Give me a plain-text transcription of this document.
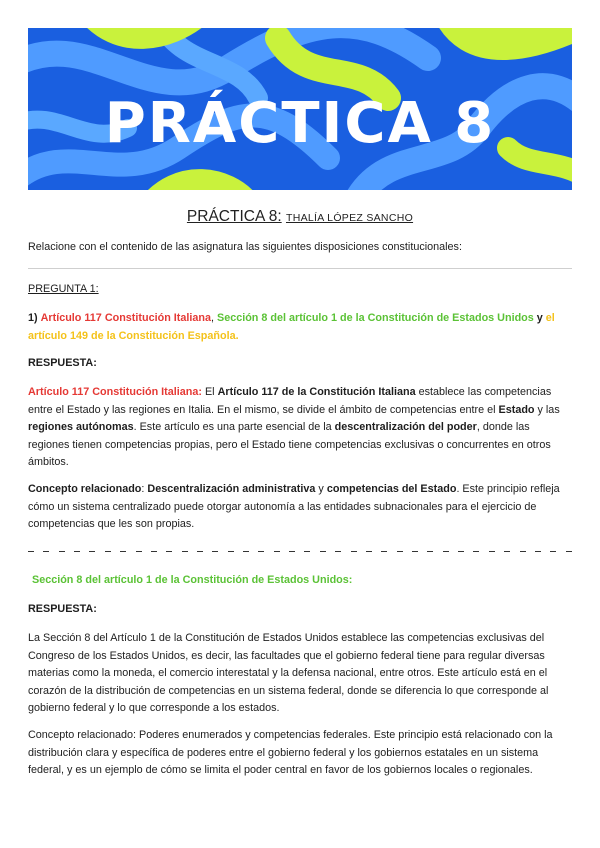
PRÁCTICA 8
PRÁCTICA 8: THALÍA LÓPEZ SANCHO
Relacione con el contenido de las asignatura las siguientes disposiciones constitucionales:
PREGUNTA 1:
1) Artículo 117 Constitución Italiana, Sección 8 del artículo 1 de la Constitución de Estados Unidos y el artículo 149 de la Constitución Española.
RESPUESTA:
Artículo 117 Constitución Italiana: El Artículo 117 de la Constitución Italiana establece las competencias entre el Estado y las regiones en Italia. En el mismo, se divide el ámbito de competencias entre el Estado y las regiones autónomas. Este artículo es una parte esencial de la descentralización del poder, donde las regiones tienen competencias propias, pero el Estado tiene competencias exclusivas o concurrentes en otros ámbitos.
Concepto relacionado: Descentralización administrativa y competencias del Estado. Este principio refleja cómo un sistema centralizado puede otorgar autonomía a las entidades subnacionales para el ejercicio de competencias que les son propias.
Sección 8 del artículo 1 de la Constitución de Estados Unidos:
RESPUESTA:
La Sección 8 del Artículo 1 de la Constitución de Estados Unidos establece las competencias exclusivas del Congreso de los Estados Unidos, es decir, las facultades que el gobierno federal tiene para regular diversas materias como la moneda, el comercio interestatal y la defensa nacional, entre otros. Este artículo está en el corazón de la distribución de competencias en un sistema federal, donde se diferencia lo que corresponde al gobierno federal y lo que corresponde a los estados.
Concepto relacionado: Poderes enumerados y competencias federales. Este principio está relacionado con la distribución clara y específica de poderes entre el gobierno federal y los gobiernos estatales en un sistema federal, y es un ejemplo de cómo se limita el poder central en favor de los gobiernos locales o regionales.
